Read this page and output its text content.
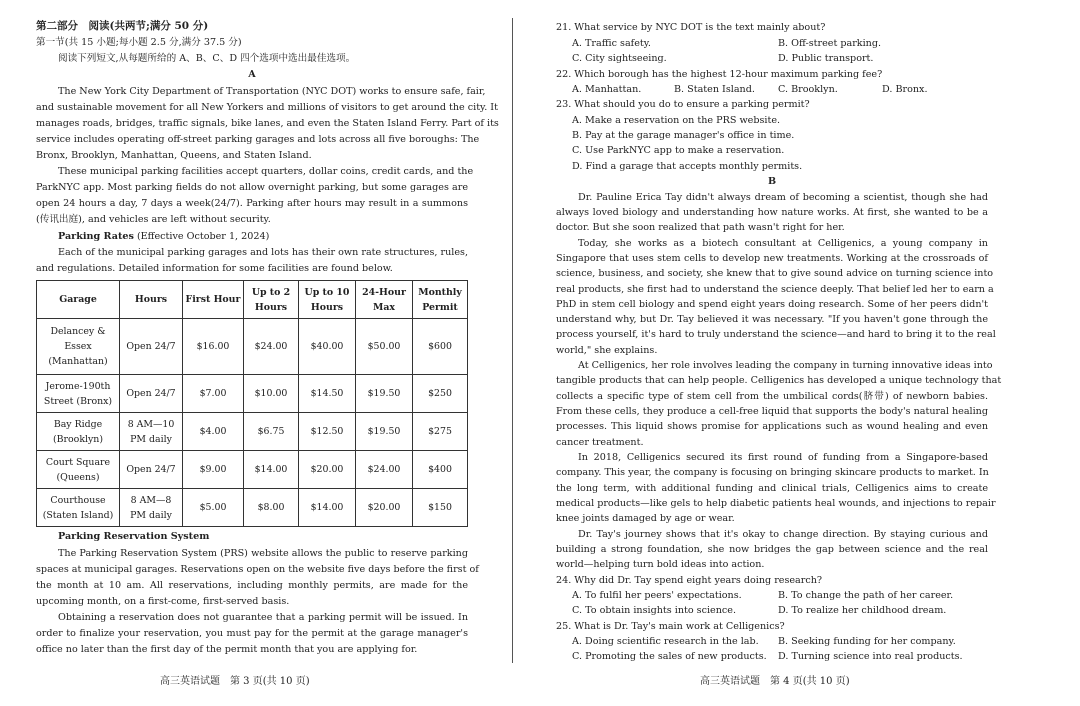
第二部分　阅读(共两节;满分 50 分)
第一节(共 15 小题;每小题 2.5 分,满分 37.5 分)
阅读下列短文,从每题所给的 A、B、C、D 四个选项中选出最佳选项。
A
The New York City Department of Transportation (NYC DOT) works to ensure safe, fair,
and sustainable movement for all New Yorkers and millions of visitors to get around the city. It
manages roads, bridges, traffic signals, bike lanes, and even the Staten Island Ferry. Part of its
service includes operating off-street parking garages and lots across all five boroughs: The
Bronx, Brooklyn, Manhattan, Queens, and Staten Island.
These municipal parking facilities accept quarters, dollar coins, credit cards, and the
ParkNYC app. Most parking fields do not allow overnight parking, but some garages are
open 24 hours a day, 7 days a week(24/7). Parking after hours may result in a summons
(传讯出庭), and vehicles are left without security.
Parking Rates (Effective October 1, 2024)
Each of the municipal parking garages and lots has their own rate structures, rules,
and regulations. Detailed information for some facilities are found below.
Garage	Hours	First Hour	Up to 2 Hours	Up to 10 Hours	24-Hour Max	Monthly Permit
Delancey & Essex (Manhattan)	Open 24/7	$16.00	$24.00	$40.00	$50.00	$600
Jerome-190th Street (Bronx)	Open 24/7	$7.00	$10.00	$14.50	$19.50	$250
Bay Ridge (Brooklyn)	8 AM—10 PM daily	$4.00	$6.75	$12.50	$19.50	$275
Court Square (Queens)	Open 24/7	$9.00	$14.00	$20.00	$24.00	$400
Courthouse (Staten Island)	8 AM—8 PM daily	$5.00	$8.00	$14.00	$20.00	$150
Parking Reservation System
The Parking Reservation System (PRS) website allows the public to reserve parking
spaces at municipal garages. Reservations open on the website five days before the first of
the month at 10 am. All reservations, including monthly permits, are made for the
upcoming month, on a first-come, first-served basis.
Obtaining a reservation does not guarantee that a parking permit will be issued. In
order to finalize your reservation, you must pay for the permit at the garage manager's
office no later than the first day of the permit month that you are applying for.
高三英语试题　第 3 页(共 10 页)
21. What service by NYC DOT is the text mainly about?
A. Traffic safety.	B. Off-street parking.
C. City sightseeing.	D. Public transport.
22. Which borough has the highest 12-hour maximum parking fee?
A. Manhattan.	B. Staten Island. C. Brooklyn.	D. Bronx.
23. What should you do to ensure a parking permit?
A. Make a reservation on the PRS website.
B. Pay at the garage manager's office in time.
C. Use ParkNYC app to make a reservation.
D. Find a garage that accepts monthly permits.
B
Dr. Pauline Erica Tay didn't always dream of becoming a scientist, though she had
always loved biology and understanding how nature works. At first, she wanted to be a
doctor. But she soon realized that path wasn't right for her.
Today, she works as a biotech consultant at Celligenics, a young company in
Singapore that uses stem cells to develop new treatments. Working at the crossroads of
science, business, and society, she knew that to give sound advice on turning science into
real products, she first had to understand the science deeply. That belief led her to earn a
PhD in stem cell biology and spend eight years doing research. Some of her peers didn't
understand why, but Dr. Tay believed it was necessary. "If you haven't gone through the
process yourself, it's hard to truly understand the science—and hard to bring it to the real
world," she explains.
At Celligenics, her role involves leading the company in turning innovative ideas into
tangible products that can help people. Celligenics has developed a unique technology that
collects a specific type of stem cell from the umbilical cords(脐带) of newborn babies.
From these cells, they produce a cell-free liquid that supports the body's natural healing
processes. This liquid shows promise for applications such as wound healing and even
cancer treatment.
In 2018, Celligenics secured its first round of funding from a Singapore-based
company. This year, the company is focusing on bringing skincare products to market. In
the long term, with additional funding and clinical trials, Celligenics aims to create
medical products—like gels to help diabetic patients heal wounds, and injections to repair
knee joints damaged by age or wear.
Dr. Tay's journey shows that it's okay to change direction. By staying curious and
building a strong foundation, she now bridges the gap between science and the real
world—helping turn bold ideas into action.
24. Why did Dr. Tay spend eight years doing research?
A. To fulfil her peers' expectations.	B. To change the path of her career.
C. To obtain insights into science.	D. To realize her childhood dream.
25. What is Dr. Tay's main work at Celligenics?
A. Doing scientific research in the lab. B. Seeking funding for her company.
C. Promoting the sales of new products. D. Turning science into real products.
高三英语试题　第 4 页(共 10 页)
